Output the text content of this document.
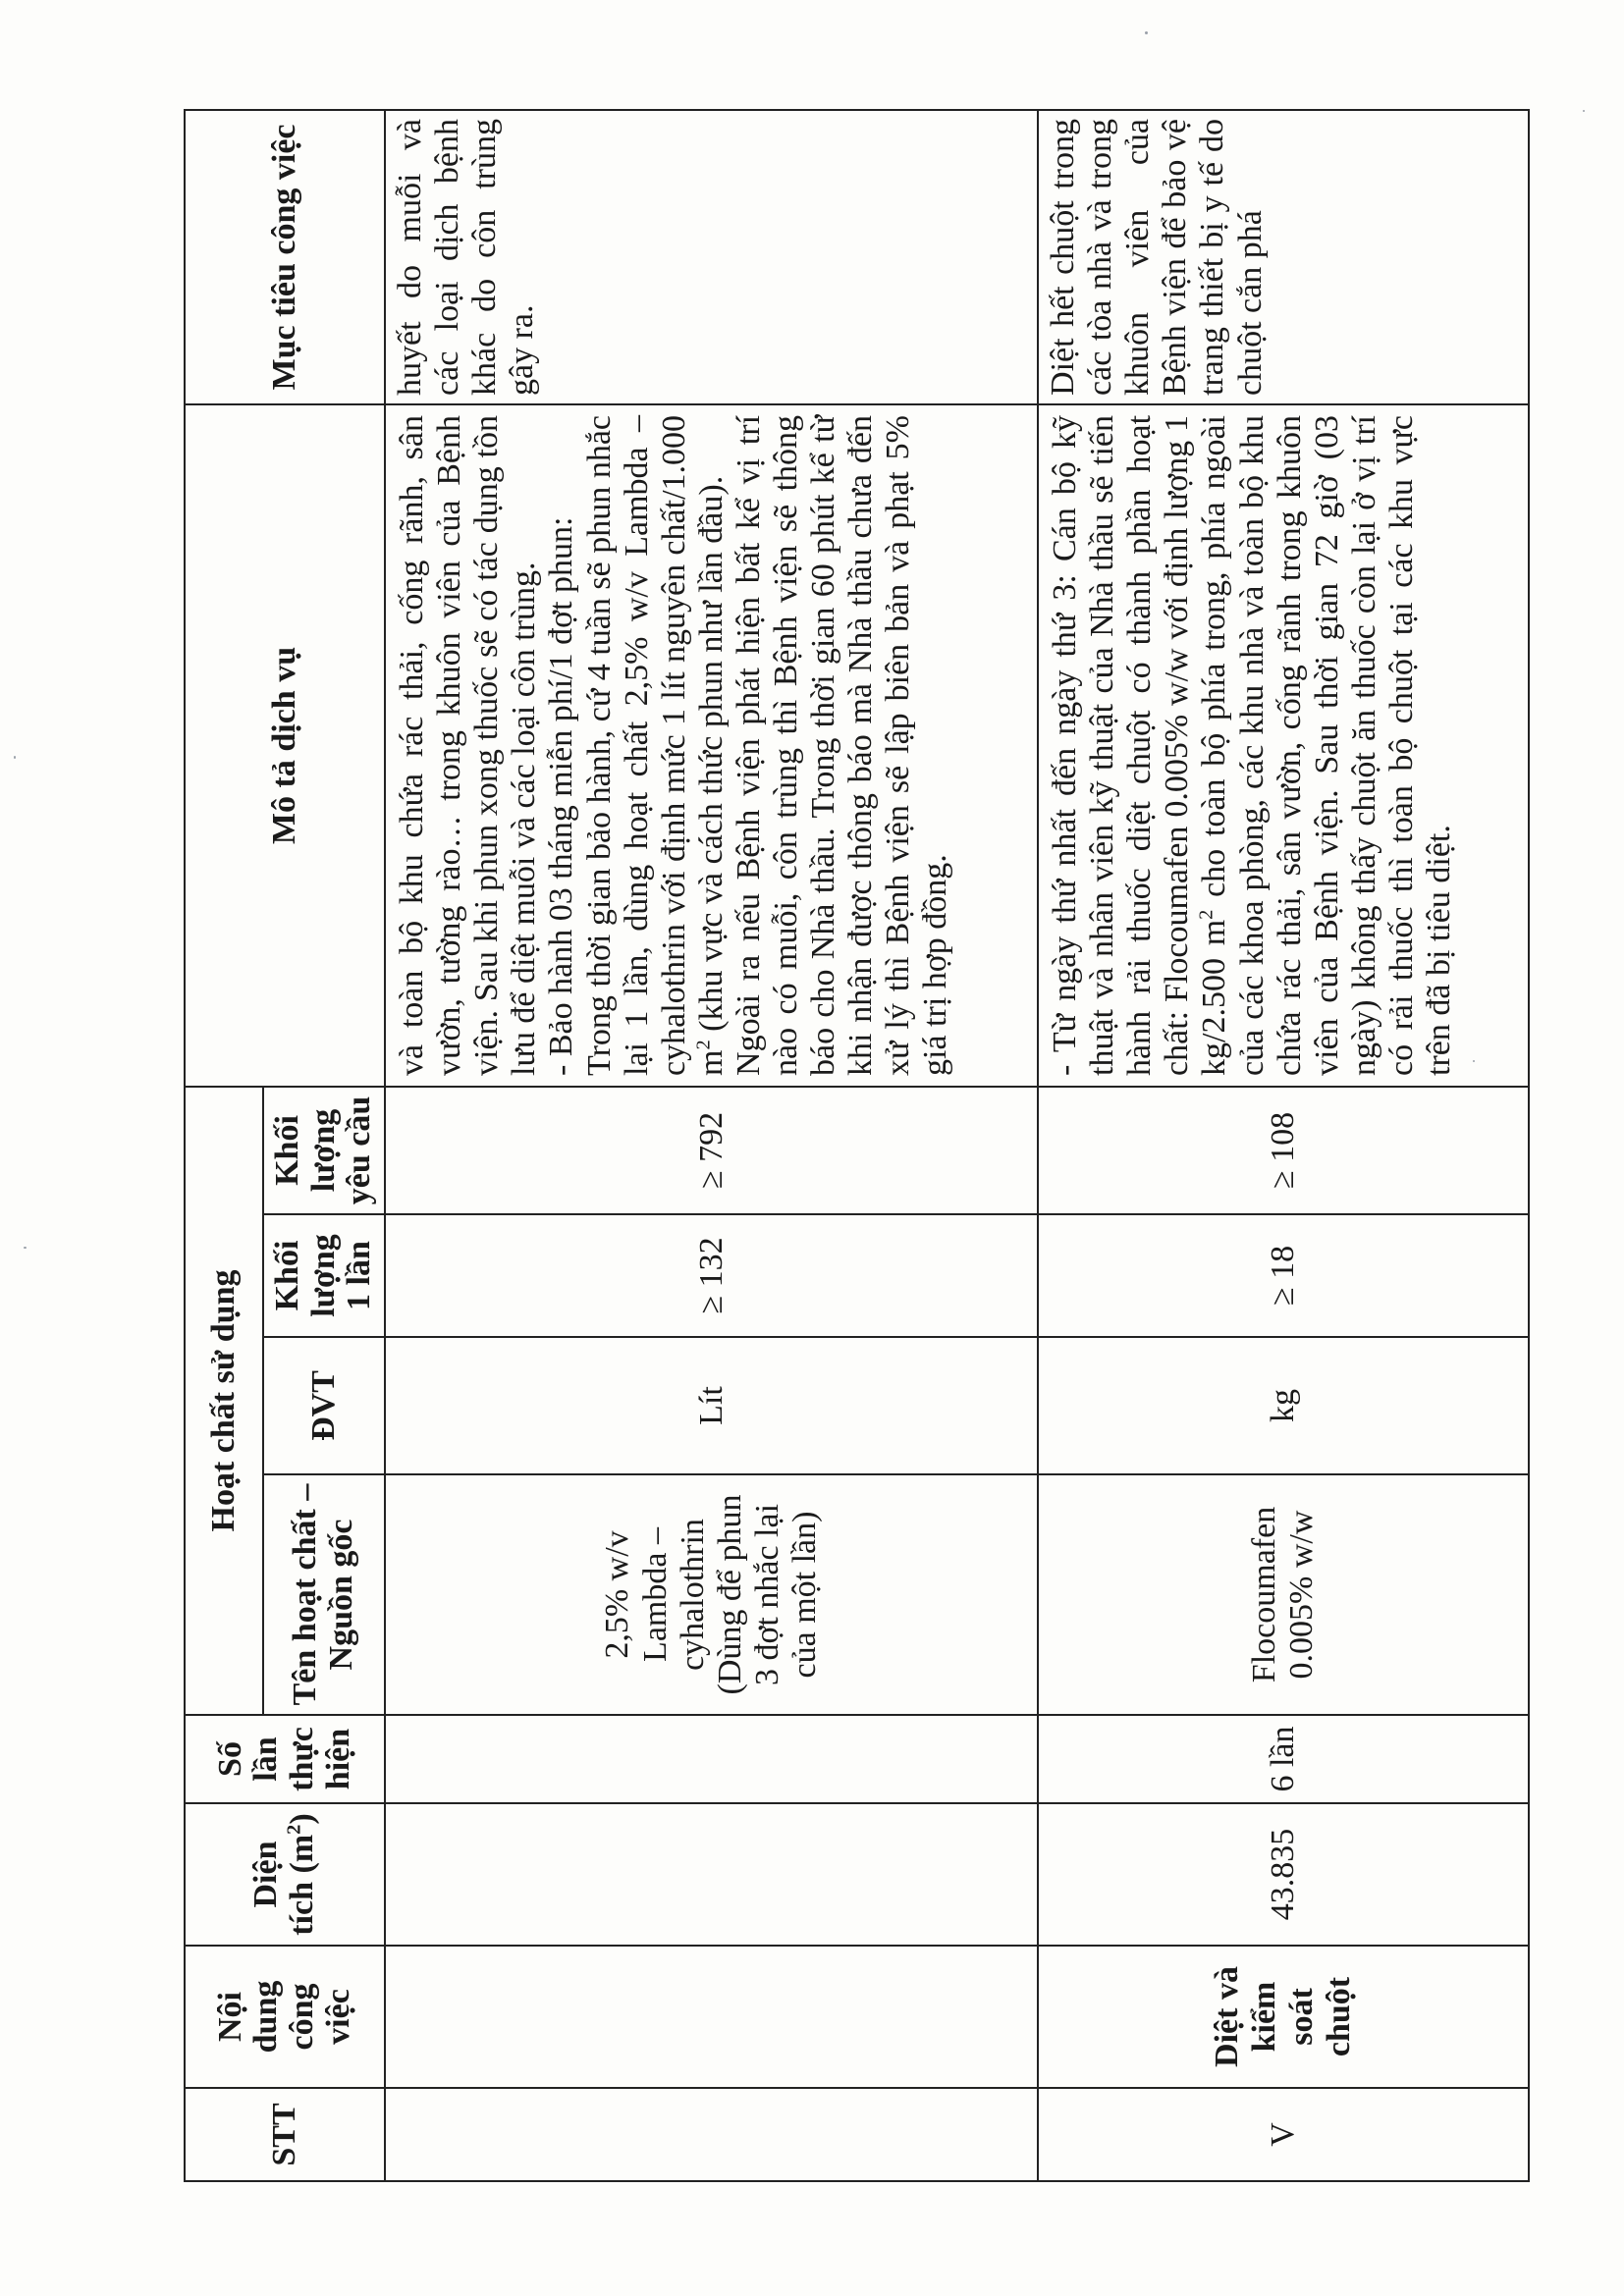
STT	Nội dung công việc	Diện tích $(m^2)$	Số lần thực hiện	Hoạt chất sử dụng				Mô tả dịch vụ	Mục tiêu công việc
				Tên hoạt chất – Nguồn gốc	ĐVT	Khối lượng 1 lần	Khối lượng yêu cầu		
				2,5% w/v Lambda – cyhalothrin (Dùng để phun 3 đợt nhắc lại của một lần)	Lít	≥ 132	≥ 792	và toàn bộ khu chứa rác thải, cống rãnh, sân vườn, tường rào… trong khuôn viên của Bệnh viện. Sau khi phun xong thuốc sẽ có tác dụng tồn lưu để diệt muỗi và các loại côn trùng. - Bảo hành 03 tháng miễn phí/1 đợt phun: Trong thời gian bảo hành, cứ 4 tuần sẽ phun nhắc lại 1 lần, dùng hoạt chất 2,5% w/v Lambda – cyhalothrin với định mức 1 lít nguyên chất/1.000 $m^2$ (khu vực và cách thức phun như lần đầu). Ngoài ra nếu Bệnh viện phát hiện bất kể vị trí nào có muỗi, côn trùng thì Bệnh viện sẽ thông báo cho Nhà thầu. Trong thời gian 60 phút kể từ khi nhận được thông báo mà Nhà thầu chưa đến xử lý thì Bệnh viện sẽ lập biên bản và phạt 5% giá trị hợp đồng.	huyết do muỗi và các loại dịch bệnh khác do côn trùng gây ra.
V	Diệt và kiểm soát chuột	43.835	6 lần	Flocoumafen 0.005% w/w	kg	≥ 18	≥ 108	- Từ ngày thứ nhất đến ngày thứ 3: Cán bộ kỹ thuật và nhân viên kỹ thuật của Nhà thầu sẽ tiến hành rải thuốc diệt chuột có thành phần hoạt chất: Flocoumafen 0.005% w/w với định lượng 1 kg/2.500 $m^2$ cho toàn bộ phía trong, phía ngoài của các khoa phòng, các khu nhà và toàn bộ khu chứa rác thải, sân vườn, cống rãnh trong khuôn viên của Bệnh viện. Sau thời gian 72 giờ (03 ngày) không thấy chuột ăn thuốc còn lại ở vị trí có rải thuốc thì toàn bộ chuột tại các khu vực trên đã bị tiêu diệt.	Diệt hết chuột trong các tòa nhà và trong khuôn viên của Bệnh viện để bảo vệ trang thiết bị y tế do chuột cắn phá
